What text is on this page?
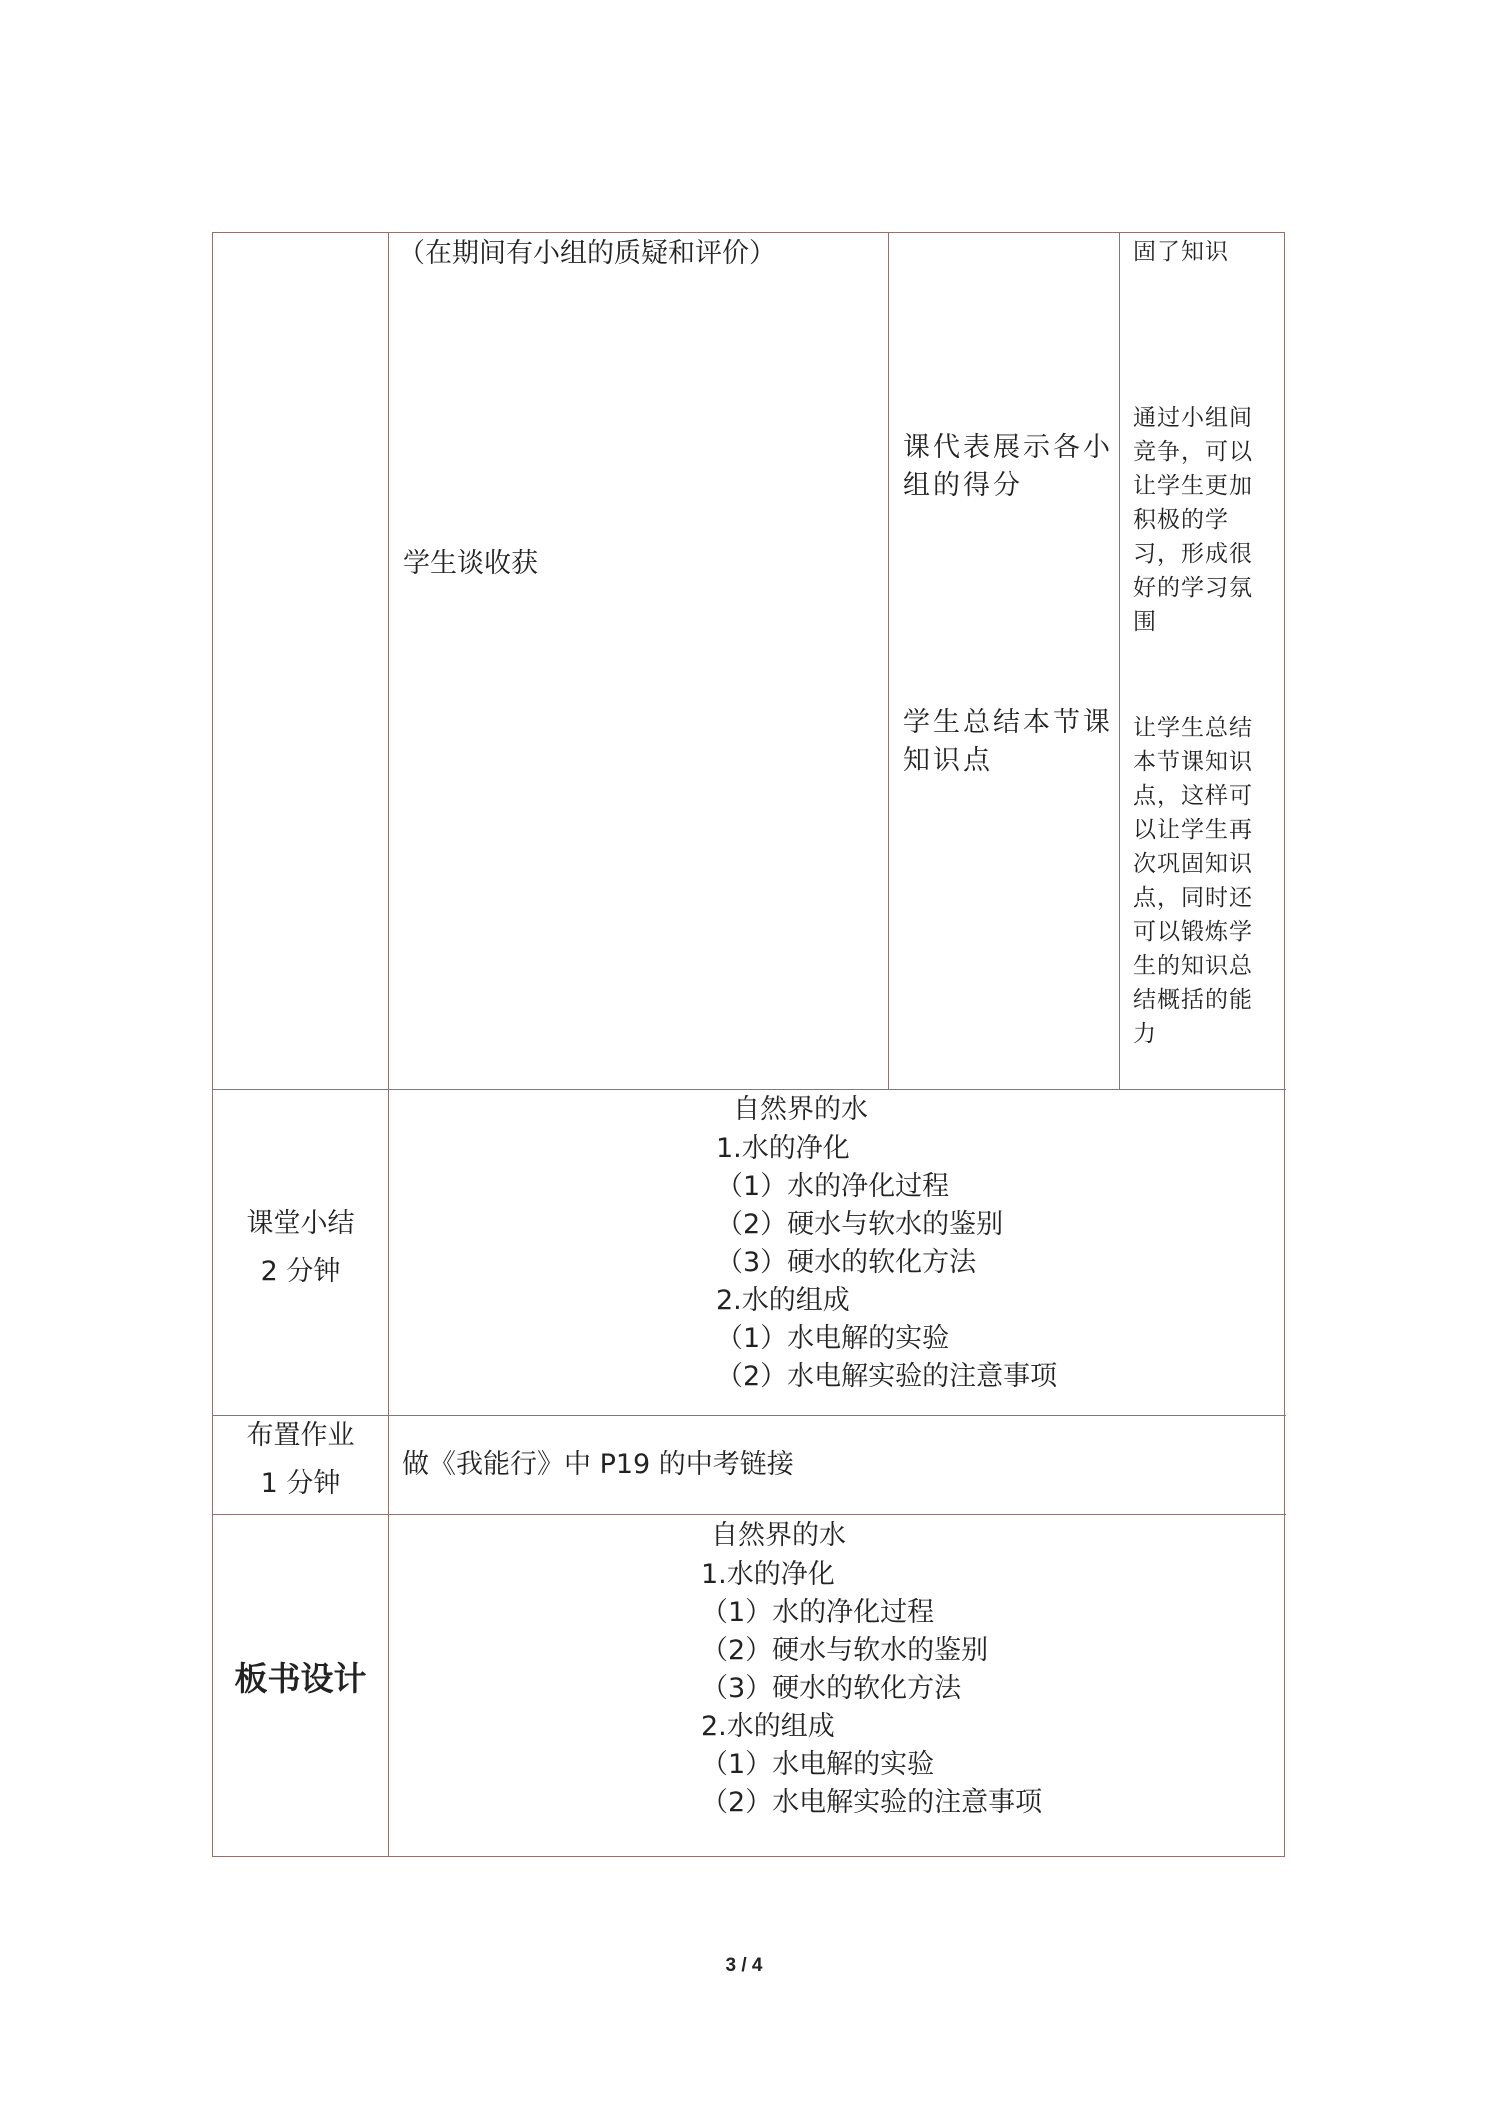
（在期间有小组的质疑和评价）
学生谈收获
课代表展示各小组的得分
学生总结本节课知识点
固了知识
通过小组间竞争，可以让学生更加积极的学习，形成很好的学习氛围
让学生总结本节课知识点，这样可以让学生再次巩固知识点，同时还可以锻炼学生的知识总结概括的能力
课堂小结
2 分钟
自然界的水
1.水的净化
（1）水的净化过程
（2）硬水与软水的鉴别
（3）硬水的软化方法
2.水的组成
（1）水电解的实验
（2）水电解实验的注意事项
布置作业
1 分钟
做《我能行》中 P19 的中考链接
板书设计
自然界的水
1.水的净化
（1）水的净化过程
（2）硬水与软水的鉴别
（3）硬水的软化方法
2.水的组成
（1）水电解的实验
（2）水电解实验的注意事项
3 / 4
